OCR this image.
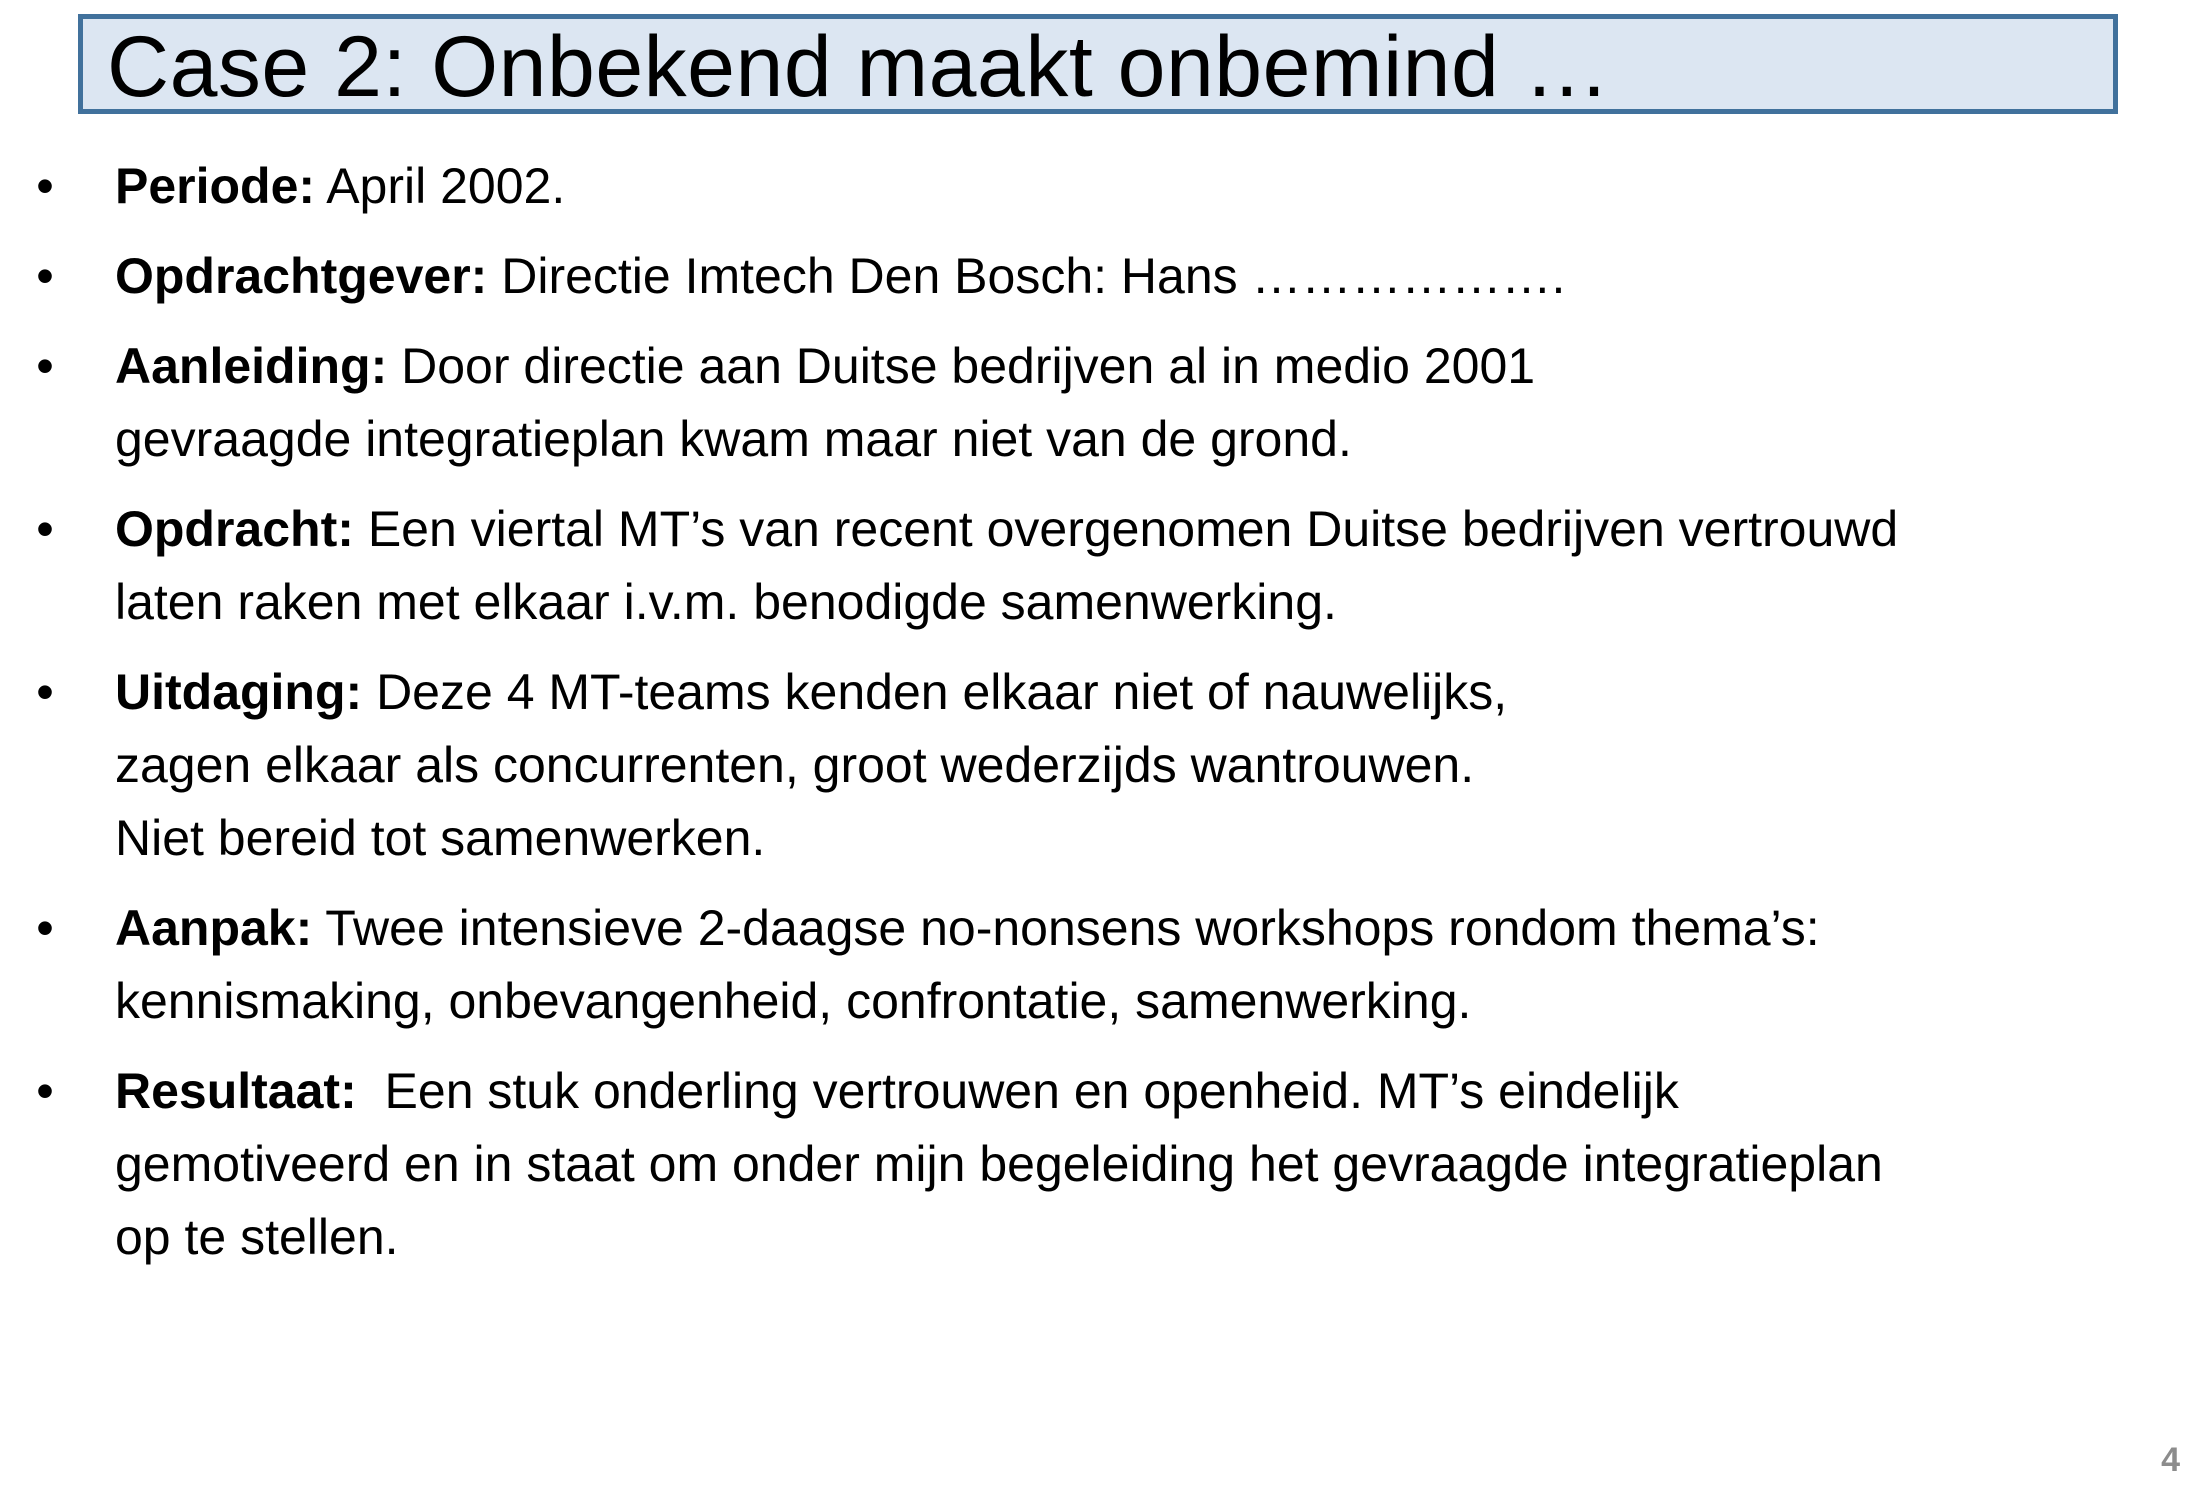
Case 2: Onbekend maakt onbemind …
• Periode: April 2002.
• Opdrachtgever: Directie Imtech Den Bosch: Hans ……………….
• Aanleiding: Door directie aan Duitse bedrijven al in medio 2001
gevraagde integratieplan kwam maar niet van de grond.
• Opdracht: Een viertal MT’s van recent overgenomen Duitse bedrijven vertrouwd
laten raken met elkaar i.v.m. benodigde samenwerking.
• Uitdaging: Deze 4 MT-teams kenden elkaar niet of nauwelijks,
zagen elkaar als concurrenten, groot wederzijds wantrouwen.
Niet bereid tot samenwerken.
• Aanpak: Twee intensieve 2-daagse no-nonsens workshops rondom thema’s:
kennismaking, onbevangenheid, confrontatie, samenwerking.
• Resultaat:  Een stuk onderling vertrouwen en openheid. MT’s eindelijk
gemotiveerd en in staat om onder mijn begeleiding het gevraagde integratieplan
op te stellen.
4
